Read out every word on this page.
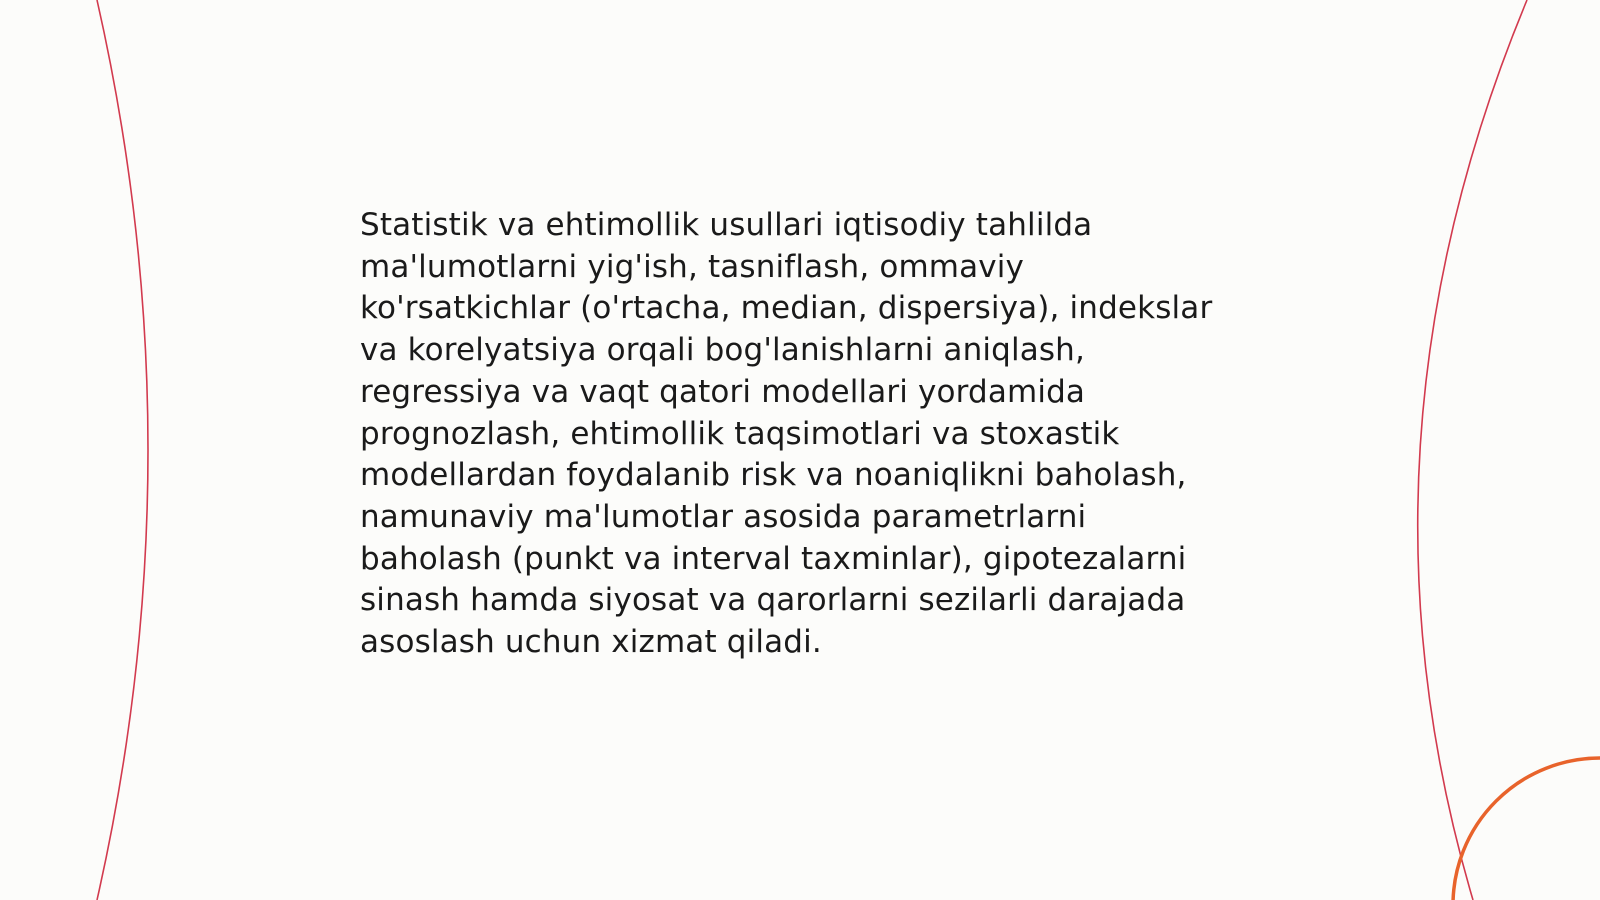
Statistik va ehtimollik usullari iqtisodiy tahlilda
ma'lumotlarni yig'ish, tasniflash, ommaviy
ko'rsatkichlar (o'rtacha, median, dispersiya), indekslar
va korelyatsiya orqali bog'lanishlarni aniqlash,
regressiya va vaqt qatori modellari yordamida
prognozlash, ehtimollik taqsimotlari va stoxastik
modellardan foydalanib risk va noaniqlikni baholash,
namunaviy ma'lumotlar asosida parametrlarni
baholash (punkt va interval taxminlar), gipotezalarni
sinash hamda siyosat va qarorlarni sezilarli darajada
asoslash uchun xizmat qiladi.
